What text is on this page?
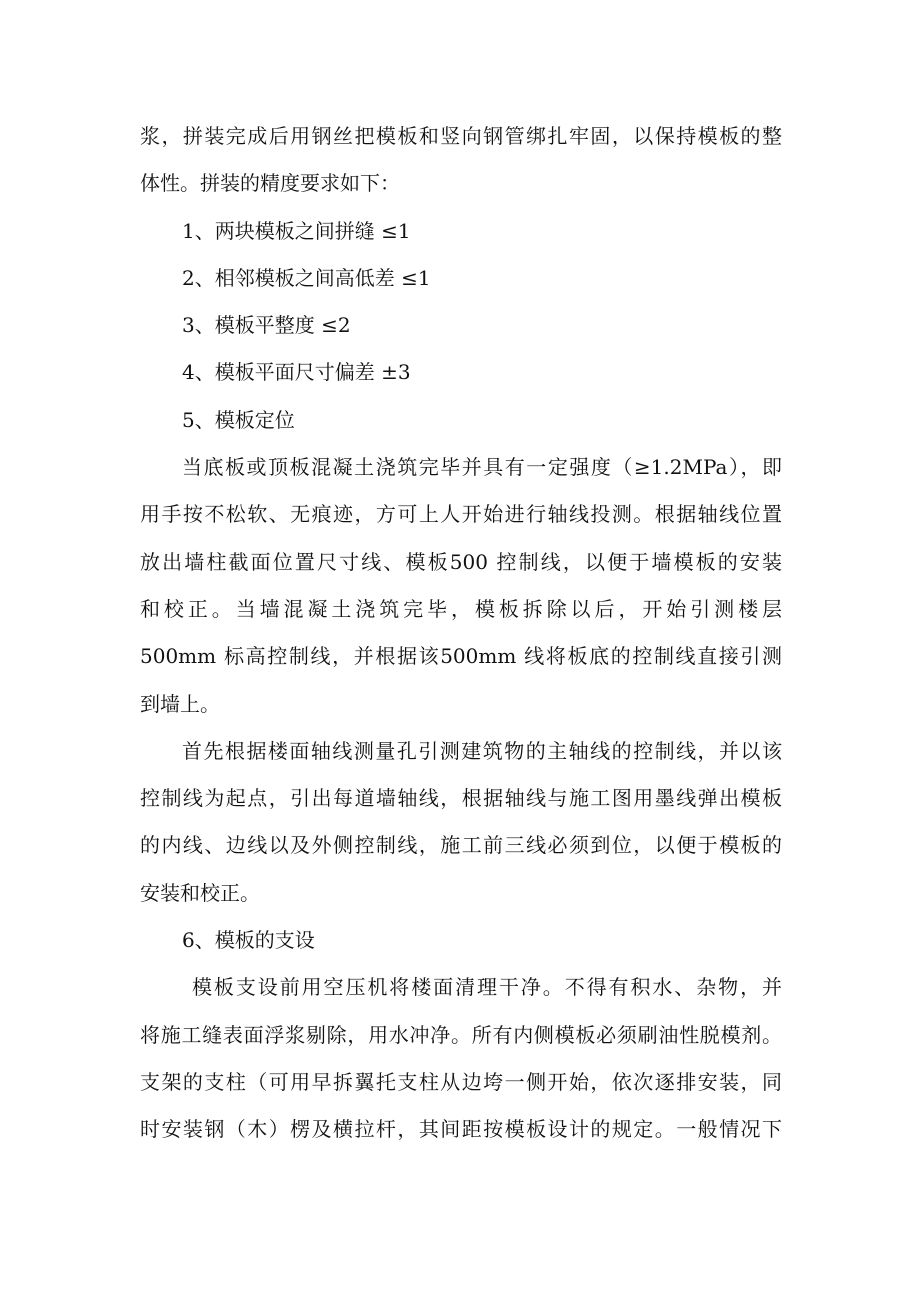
浆，拼装完成后用钢丝把模板和竖向钢管绑扎牢固，以保持模板的整
体性。拼装的精度要求如下：
1、两块模板之间拼缝 ≤1
2、相邻模板之间高低差 ≤1
3、模板平整度 ≤2
4、模板平面尺寸偏差 ±3
5、模板定位
当底板或顶板混凝土浇筑完毕并具有一定强度（≥1.2MPa），即
用手按不松软、无痕迹，方可上人开始进行轴线投测。根据轴线位置
放出墙柱截面位置尺寸线、模板500 控制线，以便于墙模板的安装
和校正。当墙混凝土浇筑完毕，模板拆除以后，开始引测楼层
500mm 标高控制线，并根据该500mm 线将板底的控制线直接引测
到墙上。
首先根据楼面轴线测量孔引测建筑物的主轴线的控制线，并以该
控制线为起点，引出每道墙轴线，根据轴线与施工图用墨线弹出模板
的内线、边线以及外侧控制线，施工前三线必须到位，以便于模板的
安装和校正。
6、模板的支设
模板支设前用空压机将楼面清理干净。不得有积水、杂物，并
将施工缝表面浮浆剔除，用水冲净。所有内侧模板必须刷油性脱模剂。
支架的支柱（可用早拆翼托支柱从边垮一侧开始，依次逐排安装，同
时安装钢（木）楞及横拉杆，其间距按模板设计的规定。一般情况下
